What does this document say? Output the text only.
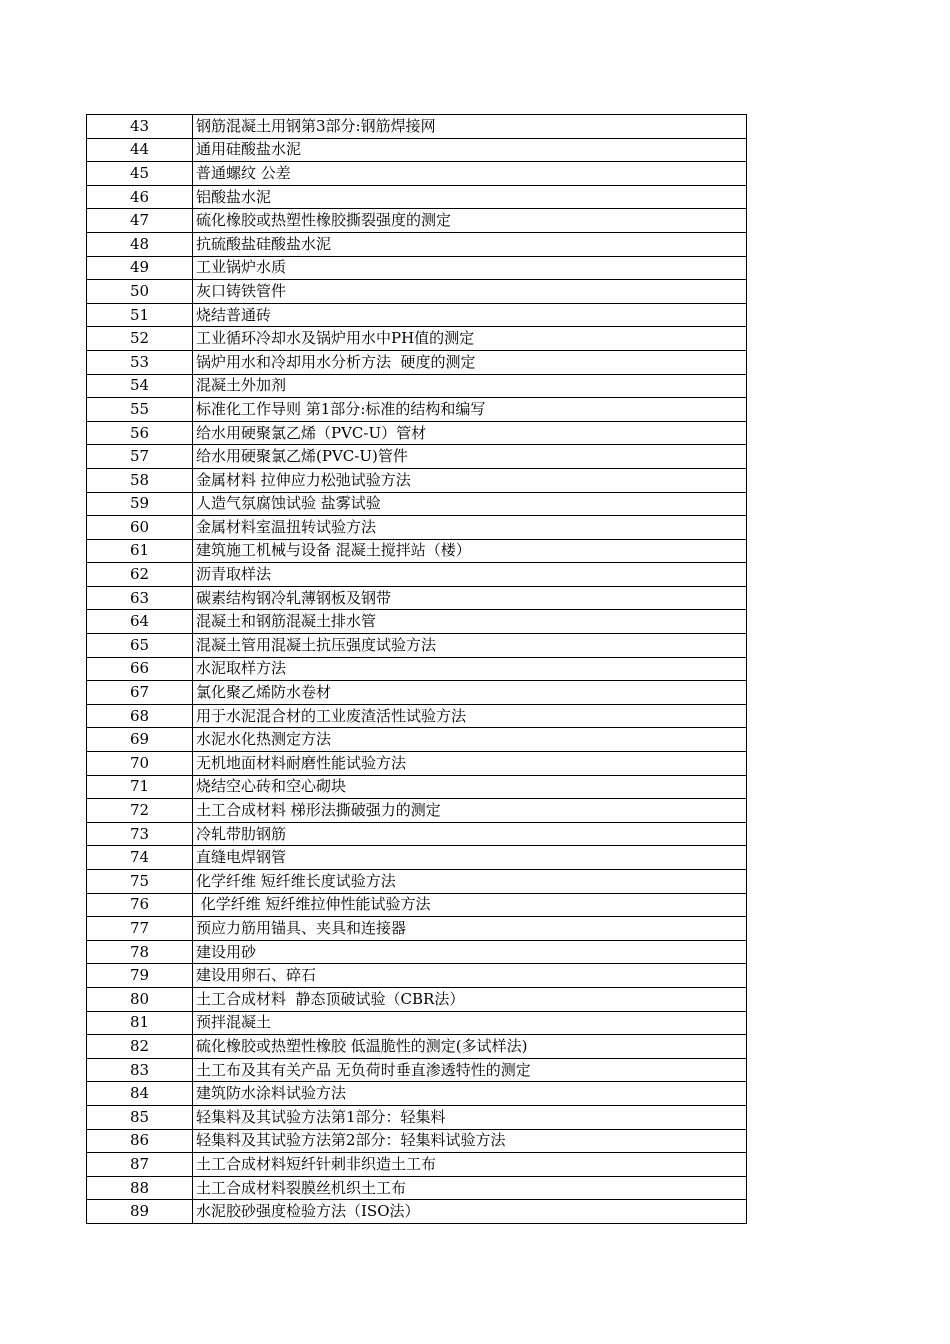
43	钢筋混凝土用钢第3部分:钢筋焊接网
44	通用硅酸盐水泥
45	普通螺纹 公差
46	铝酸盐水泥
47	硫化橡胶或热塑性橡胶撕裂强度的测定
48	抗硫酸盐硅酸盐水泥
49	工业锅炉水质
50	灰口铸铁管件
51	烧结普通砖
52	工业循环冷却水及锅炉用水中PH值的测定
53	锅炉用水和冷却用水分析方法  硬度的测定
54	混凝土外加剂
55	标准化工作导则 第1部分:标准的结构和编写
56	给水用硬聚氯乙烯（PVC-U）管材
57	给水用硬聚氯乙烯(PVC-U)管件
58	金属材料 拉伸应力松弛试验方法
59	人造气氛腐蚀试验 盐雾试验
60	金属材料室温扭转试验方法
61	建筑施工机械与设备 混凝土搅拌站（楼）
62	沥青取样法
63	碳素结构钢冷轧薄钢板及钢带
64	混凝土和钢筋混凝土排水管
65	混凝土管用混凝土抗压强度试验方法
66	水泥取样方法
67	氯化聚乙烯防水卷材
68	用于水泥混合材的工业废渣活性试验方法
69	水泥水化热测定方法
70	无机地面材料耐磨性能试验方法
71	烧结空心砖和空心砌块
72	土工合成材料 梯形法撕破强力的测定
73	冷轧带肋钢筋
74	直缝电焊钢管
75	化学纤维 短纤维长度试验方法
76	化学纤维 短纤维拉伸性能试验方法
77	预应力筋用锚具、夹具和连接器
78	建设用砂
79	建设用卵石、碎石
80	土工合成材料  静态顶破试验（CBR法）
81	预拌混凝土
82	硫化橡胶或热塑性橡胶 低温脆性的测定(多试样法)
83	土工布及其有关产品 无负荷时垂直渗透特性的测定
84	建筑防水涂料试验方法
85	轻集料及其试验方法第1部分：轻集料
86	轻集料及其试验方法第2部分：轻集料试验方法
87	土工合成材料短纤针刺非织造土工布
88	土工合成材料裂膜丝机织土工布
89	水泥胶砂强度检验方法（ISO法）
